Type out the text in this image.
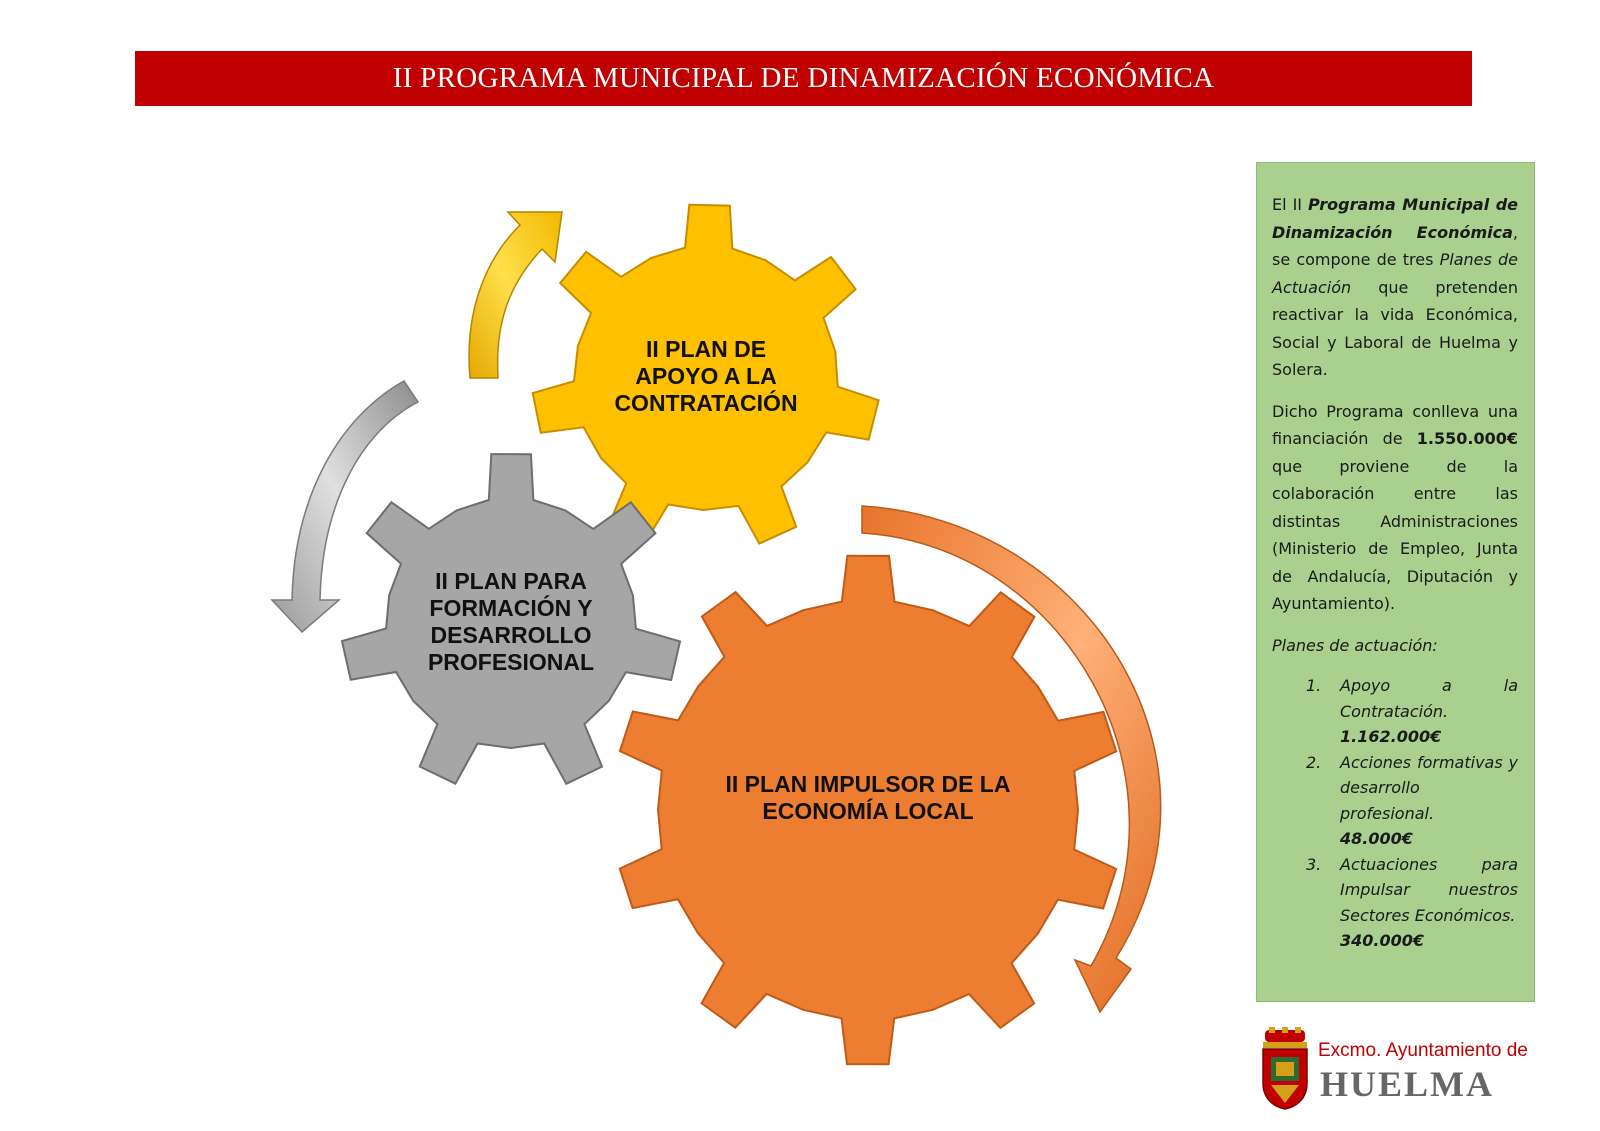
II PROGRAMA MUNICIPAL DE DINAMIZACIÓN ECONÓMICA
II PLAN DE
APOYO A LA
CONTRATACIÓN
II PLAN PARA
FORMACIÓN Y
DESARROLLO
PROFESIONAL
II PLAN IMPULSOR DE LA
ECONOMÍA LOCAL

El II Programa Municipal de Dinamización Económica, se compone de tres Planes de Actuación que pretenden reactivar la vida Económica, Social y Laboral de Huelma y Solera.

Dicho Programa conlleva una financiación de 1.550.000€ que proviene de la colaboración entre las distintas Administraciones (Ministerio de Empleo, Junta de Andalucía, Diputación y Ayuntamiento).

Planes de actuación:
1.	Apoyo a la Contratación.
1.162.000€
2.	Acciones formativas y desarrollo profesional.
48.000€
3.	Actuaciones para Impulsar nuestros Sectores Económicos.
340.000€
Excmo. Ayuntamiento de
HUELMA
